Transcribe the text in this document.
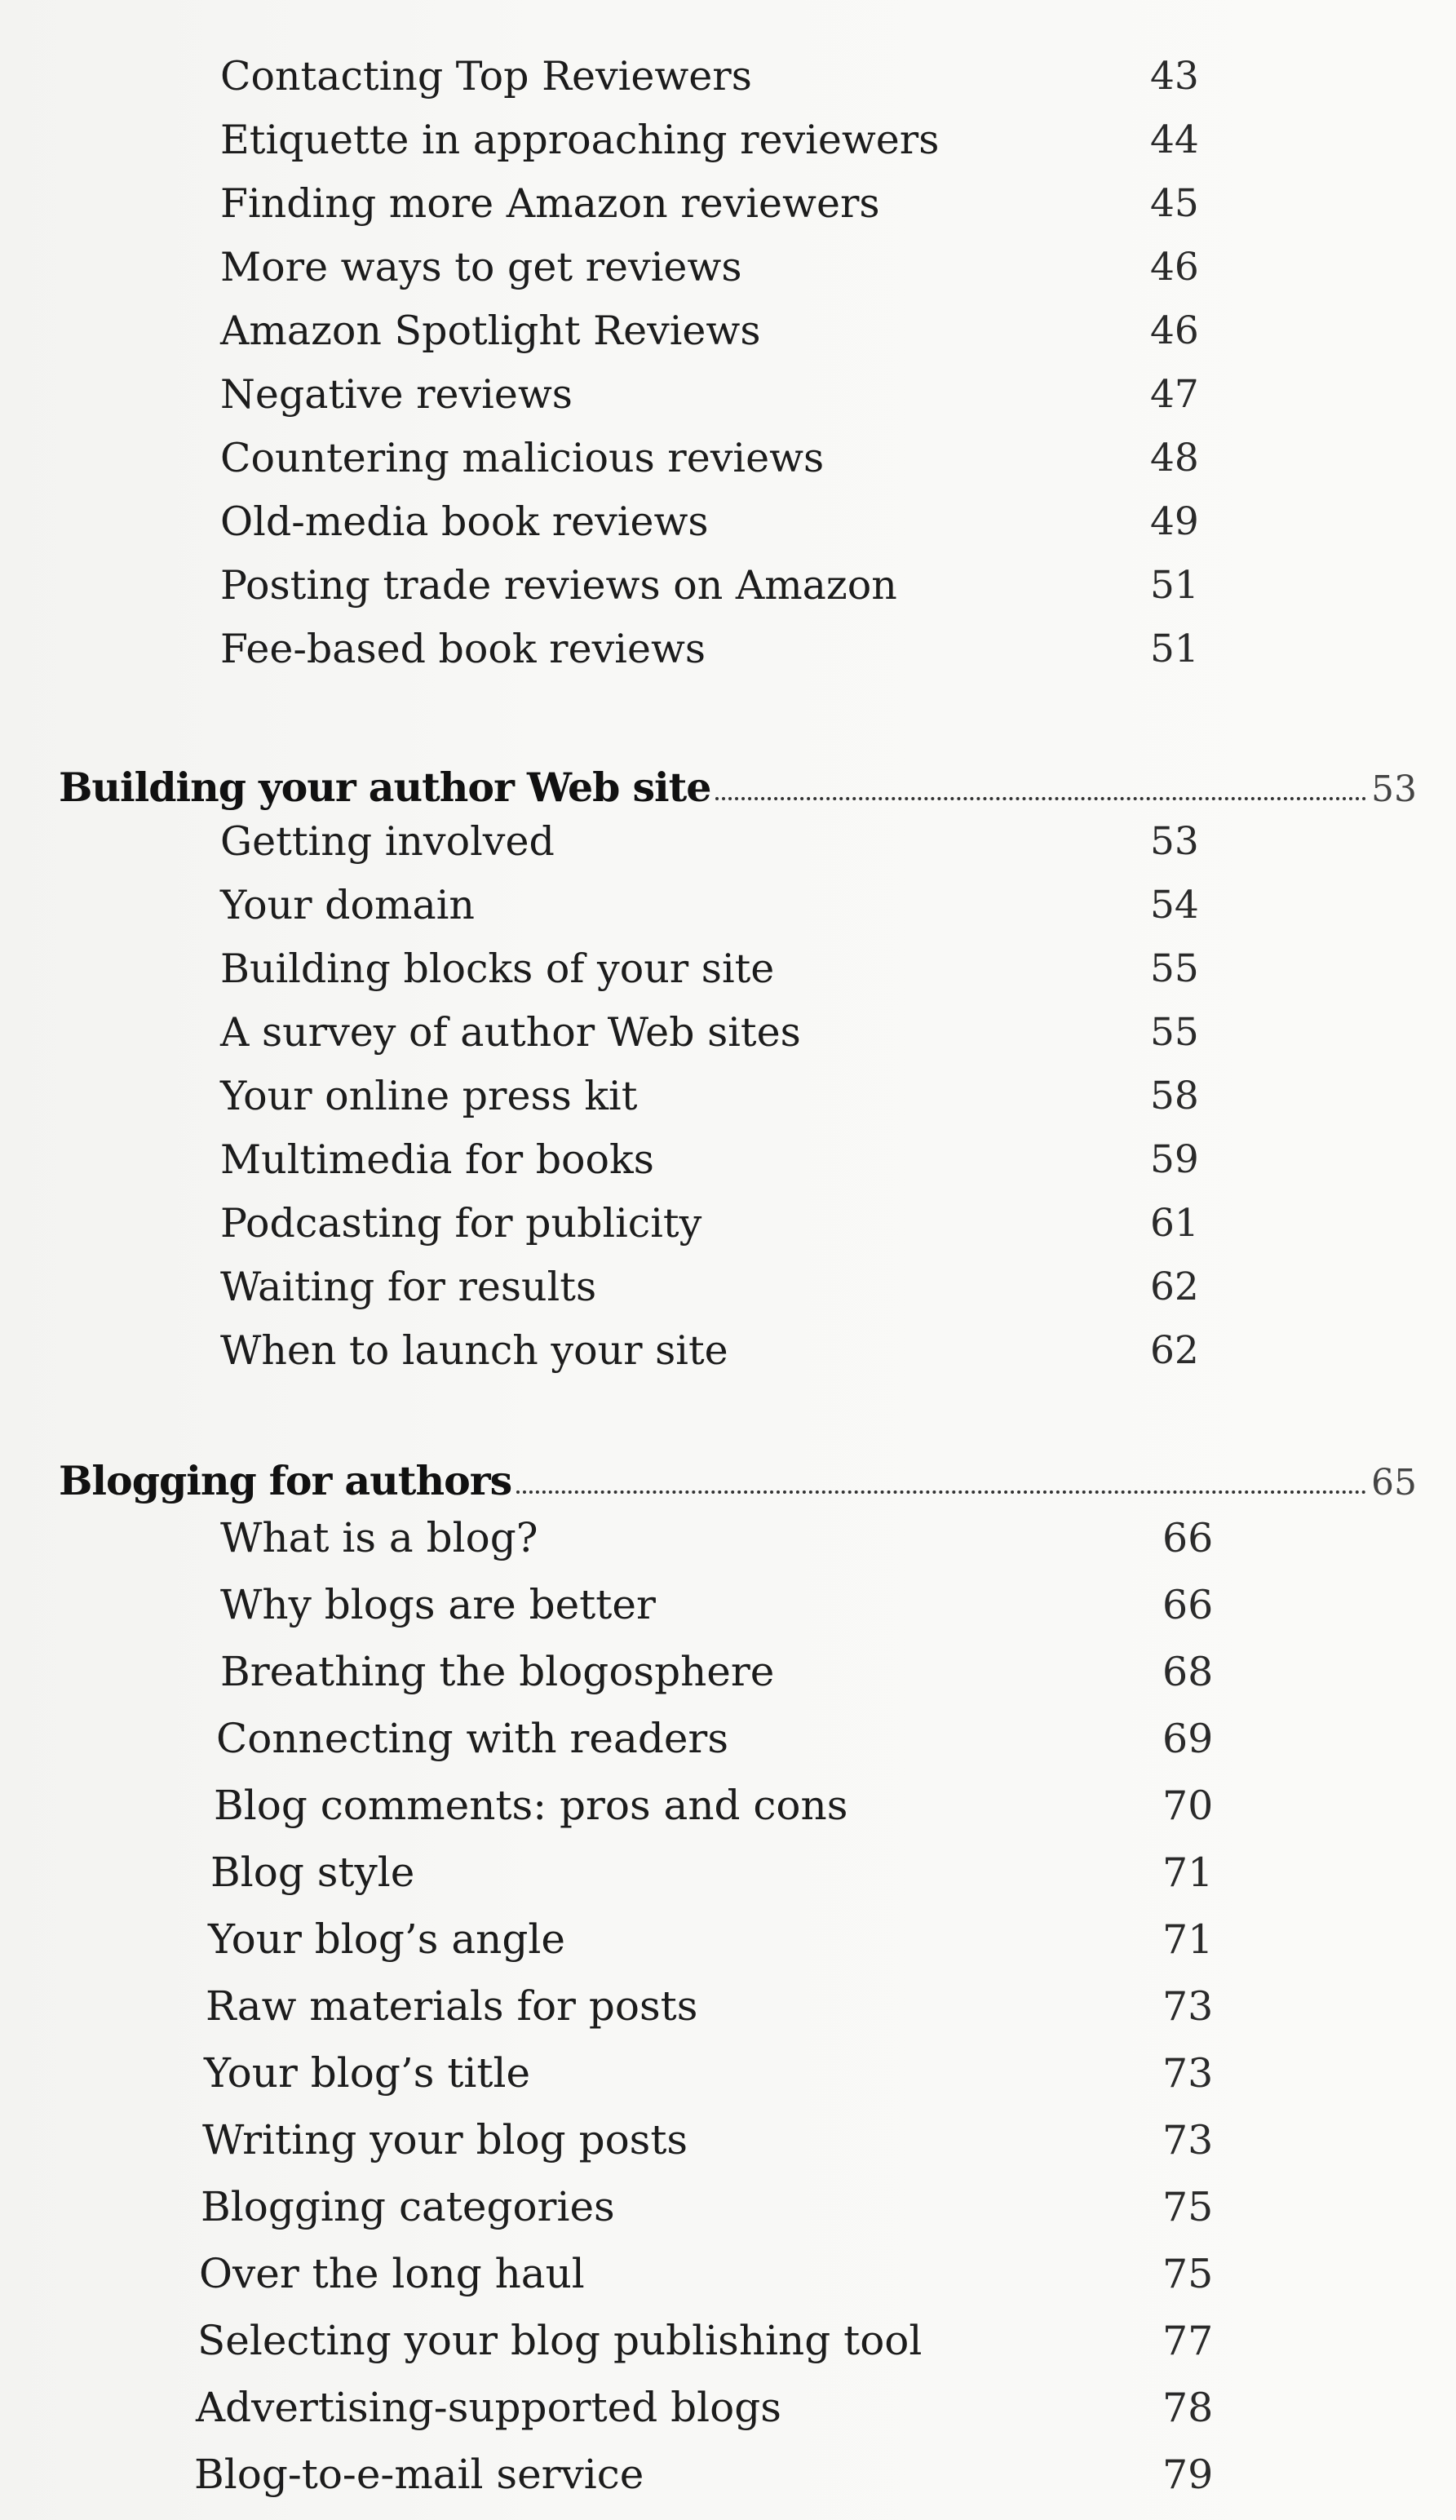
Contacting Top Reviewers	43
Etiquette in approaching reviewers	44
Finding more Amazon reviewers	45
More ways to get reviews	46
Amazon Spotlight Reviews	46
Negative reviews	47
Countering malicious reviews	48
Old-media book reviews	49
Posting trade reviews on Amazon	51
Fee-based book reviews	51
Building your author Web site	53
Getting involved	53
Your domain	54
Building blocks of your site	55
A survey of author Web sites	55
Your online press kit	58
Multimedia for books	59
Podcasting for publicity	61
Waiting for results	62
When to launch your site	62
Blogging for authors	65
What is a blog?	66
Why blogs are better	66
Breathing the blogosphere	68
Connecting with readers	69
Blog comments: pros and cons	70
Blog style	71
Your blog’s angle	71
Raw materials for posts	73
Your blog’s title	73
Writing your blog posts	73
Blogging categories	75
Over the long haul	75
Selecting your blog publishing tool	77
Advertising-supported blogs	78
Blog-to-e-mail service	79
